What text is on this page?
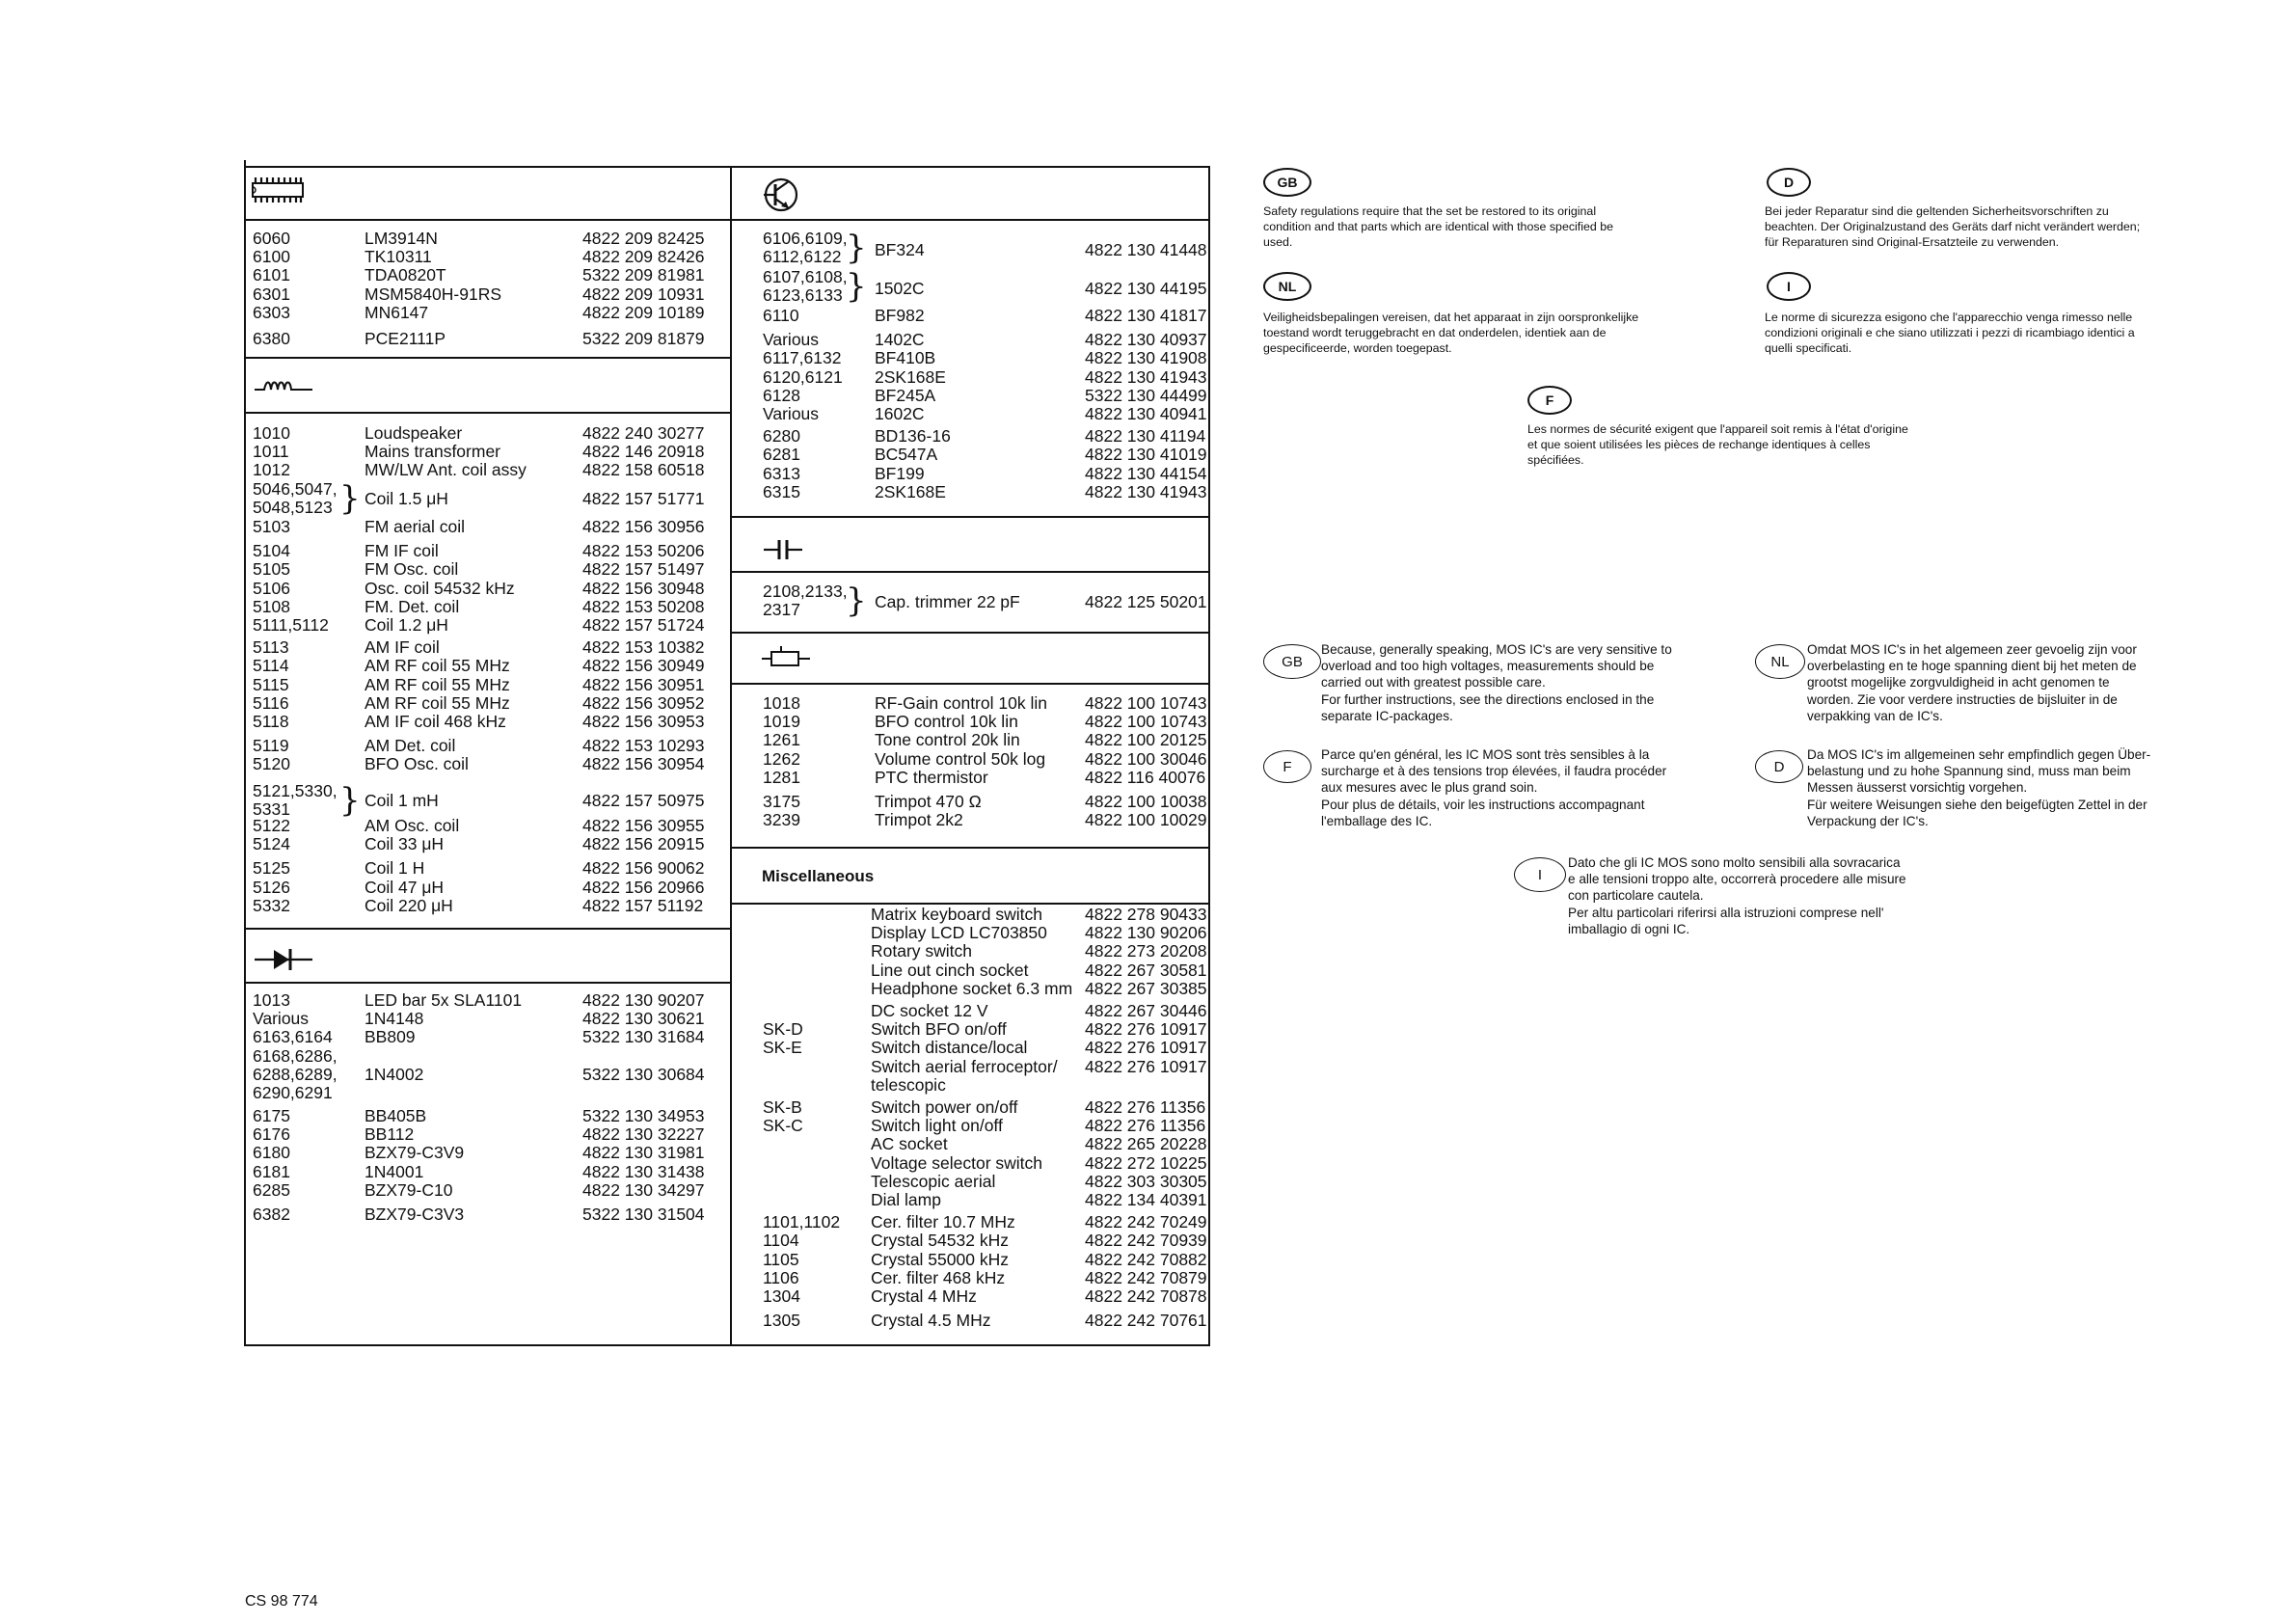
Miscellaneous
6060	LM3914N	4822 209 82425
6100	TK10311	4822 209 82426
6101	TDA0820T	5322 209 81981
6301	MSM5840H-91RS	4822 209 10931
6303	MN6147	4822 209 10189
6380	PCE2111P	5322 209 81879
1010	Loudspeaker	4822 240 30277
1011	Mains transformer	4822 146 20918
1012	MW/LW Ant. coil assy	4822 158 60518
5046,5047,
5048,5123 } Coil 1.5 μH	4822 157 51771
5103	FM aerial coil	4822 156 30956
5104	FM IF coil	4822 153 50206
5105	FM Osc. coil	4822 157 51497
5106	Osc. coil 54532 kHz	4822 156 30948
5108	FM. Det. coil	4822 153 50208
5111,5112 Coil 1.2 μH	4822 157 51724
5113	AM IF coil	4822 153 10382
5114	AM RF coil 55 MHz	4822 156 30949
5115	AM RF coil 55 MHz	4822 156 30951
5116	AM RF coil 55 MHz	4822 156 30952
5118	AM IF coil 468 kHz	4822 156 30953
5119	AM Det. coil	4822 153 10293
5120	BFO Osc. coil	4822 156 30954
5121,5330,
5331 } Coil 1 mH	4822 157 50975
5122	AM Osc. coil	4822 156 30955
5124	Coil 33 μH	4822 156 20915
5125	Coil 1 H	4822 156 90062
5126	Coil 47 μH	4822 156 20966
5332	Coil 220 μH	4822 157 51192
1013	LED bar 5x SLA1101	4822 130 90207
Various	1N4148	4822 130 30621
6163,6164 BB809	5322 130 31684
6168,6286,
6288,6289,
6290,6291
1N4002	5322 130 30684
6175	BB405B	5322 130 34953
6176	BB112	4822 130 32227
6180	BZX79-C3V9	4822 130 31981
6181	1N4001	4822 130 31438
6285	BZX79-C10	4822 130 34297
6382	BZX79-C3V3	5322 130 31504
6106,6109,
6112,6122 } BF324	4822 130 41448
6107,6108,
6123,6133 } 1502C	4822 130 44195
6110	BF982	4822 130 41817
Various	1402C	4822 130 40937
6117,6132 BF410B	4822 130 41908
6120,6121 2SK168E	4822 130 41943
6128	BF245A	5322 130 44499
Various	1602C	4822 130 40941
6280	BD136-16	4822 130 41194
6281	BC547A	4822 130 41019
6313	BF199	4822 130 44154
6315	2SK168E	4822 130 41943
2108,2133,
2317 } Cap. trimmer 22 pF	4822 125 50201
1018	RF-Gain control 10k lin 4822 100 10743
1019	BFO control 10k lin	4822 100 10743
1261	Tone control 20k lin	4822 100 20125
1262	Volume control 50k log 4822 100 30046
1281	PTC thermistor	4822 116 40076
3175	Trimpot 470 Ω	4822 100 10038
3239	Trimpot 2k2	4822 100 10029
Matrix keyboard switch	4822 278 90433
Display LCD LC703850 4822 130 90206
Rotary switch	4822 273 20208
Line out cinch socket	4822 267 30581
Headphone socket 6.3 mm 4822 267 30385
DC socket 12 V	4822 267 30446
SK-D	Switch BFO on/off	4822 276 10917
SK-E	Switch distance/local	4822 276 10917
Switch aerial ferroceptor/ 4822 276 10917
telescopic
SK-B	Switch power on/off	4822 276 11356
SK-C	Switch light on/off	4822 276 11356
AC socket	4822 265 20228
Voltage selector switch	4822 272 10225
Telescopic aerial	4822 303 30305
Dial lamp	4822 134 40391
1101,1102 Cer. filter 10.7 MHz	4822 242 70249
1104	Crystal 54532 kHz	4822 242 70939
1105	Crystal 55000 kHz	4822 242 70882
1106	Cer. filter 468 kHz	4822 242 70879
1304	Crystal 4 MHz	4822 242 70878
1305	Crystal 4.5 MHz	4822 242 70761
GB
Safety regulations require that the set be restored to its original
condition and that parts which are identical with those specified be
used.
D
Bei jeder Reparatur sind die geltenden Sicherheitsvorschriften zu
beachten. Der Originalzustand des Geräts darf nicht verändert werden;
für Reparaturen sind Original-Ersatzteile zu verwenden.
NL
Veiligheidsbepalingen vereisen, dat het apparaat in zijn oorspronkelijke
toestand wordt teruggebracht en dat onderdelen, identiek aan de
gespecificeerde, worden toegepast.
I
Le norme di sicurezza esigono che l'apparecchio venga rimesso nelle
condizioni originali e che siano utilizzati i pezzi di ricambiago identici a
quelli specificati.
F
Les normes de sécurité exigent que l'appareil soit remis à l'état d'origine
et que soient utilisées les pièces de rechange identiques à celles
spécifiées.
GB
Because, generally speaking, MOS IC's are very sensitive to
overload and too high voltages, measurements should be
carried out with greatest possible care.
For further instructions, see the directions enclosed in the
separate IC-packages.
NL
Omdat MOS IC's in het algemeen zeer gevoelig zijn voor
overbelasting en te hoge spanning dient bij het meten de
grootst mogelijke zorgvuldigheid in acht genomen te
worden. Zie voor verdere instructies de bijsluiter in de
verpakking van de IC's.
F
Parce qu'en général, les IC MOS sont très sensibles à la
surcharge et à des tensions trop élevées, il faudra procéder
aux mesures avec le plus grand soin.
Pour plus de détails, voir les instructions accompagnant
l'emballage des IC.
D
Da MOS IC's im allgemeinen sehr empfindlich gegen Über-
belastung und zu hohe Spannung sind, muss man beim
Messen äusserst vorsichtig vorgehen.
Für weitere Weisungen siehe den beigefügten Zettel in der
Verpackung der IC's.
I
Dato che gli IC MOS sono molto sensibili alla sovracarica
e alle tensioni troppo alte, occorrerà procedere alle misure
con particolare cautela.
Per altu particolari riferirsi alla istruzioni comprese nell'
imballagio di ogni IC.
CS 98 774
